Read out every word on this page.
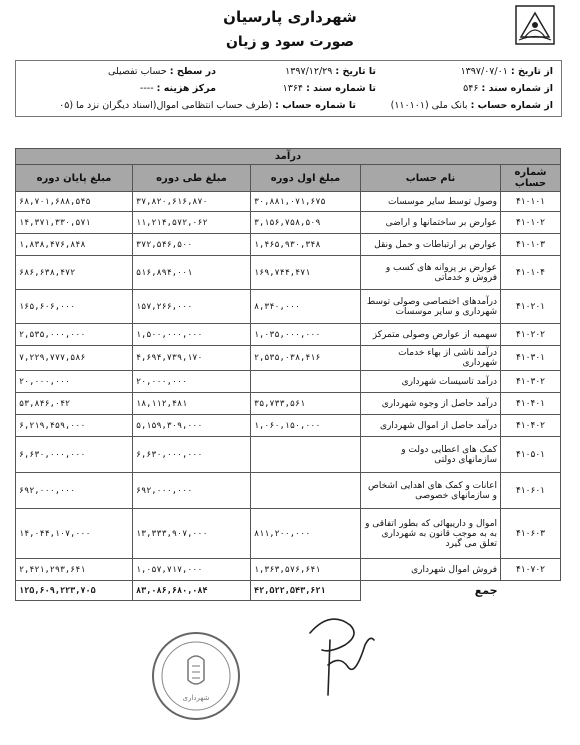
شهرداری پارسیان
صورت سود و زیان
از تاریخ : ۱۳۹۷/۰۷/۰۱
تا تاریخ : ۱۳۹۷/۱۲/۲۹
در سطح : حساب تفصیلی
از شماره سند : ۵۴۶
تا شماره سند : ۱۳۶۴
مرکز هزینه : ----
از شماره حساب : بانک ملی (۱۱۰۱۰۱)
تا شماره حساب : (طرف حساب انتظامی اموال(اسناد دیگران نزد ما (۰۵
درآمد				
شماره حساب	نام حساب	مبلغ اول دوره	مبلغ طی دوره	مبلغ پایان دوره
۴۱۰۱۰۱	وصول توسط سایر موسسات	۳۰,۸۸۱,۰۷۱,۶۷۵	۳۷,۸۲۰,۶۱۶,۸۷۰	۶۸,۷۰۱,۶۸۸,۵۴۵
۴۱۰۱۰۲	عوارض بر ساختمانها و اراضی	۳,۱۵۶,۷۵۸,۵۰۹	۱۱,۲۱۴,۵۷۲,۰۶۲	۱۴,۳۷۱,۳۳۰,۵۷۱
۴۱۰۱۰۳	عوارض بر ارتباطات و حمل ونقل	۱,۴۶۵,۹۳۰,۳۴۸	۳۷۲,۵۴۶,۵۰۰	۱,۸۳۸,۴۷۶,۸۴۸
۴۱۰۱۰۴	عوارض بر پروانه های کسب و فروش و خدماتی	۱۶۹,۷۴۴,۴۷۱	۵۱۶,۸۹۴,۰۰۱	۶۸۶,۶۳۸,۴۷۲
۴۱۰۲۰۱	درآمدهای اختصاصی وصولی توسط شهرداری و سایر موسسات	۸,۳۴۰,۰۰۰	۱۵۷,۲۶۶,۰۰۰	۱۶۵,۶۰۶,۰۰۰
۴۱۰۲۰۲	سهمیه از عوارض وصولی متمرکز	۱,۰۳۵,۰۰۰,۰۰۰	۱,۵۰۰,۰۰۰,۰۰۰	۲,۵۳۵,۰۰۰,۰۰۰
۴۱۰۳۰۱	درآمد ناشی از بهاء خدمات شهرداری	۲,۵۳۵,۰۳۸,۴۱۶	۴,۶۹۴,۷۳۹,۱۷۰	۷,۲۲۹,۷۷۷,۵۸۶
۴۱۰۳۰۲	درآمد تاسیسات شهرداری		۲۰,۰۰۰,۰۰۰	۲۰,۰۰۰,۰۰۰
۴۱۰۴۰۱	درآمد حاصل از وجوه شهرداری	۳۵,۷۳۳,۵۶۱	۱۸,۱۱۲,۴۸۱	۵۳,۸۴۶,۰۴۲
۴۱۰۴۰۲	درآمد حاصل از اموال شهرداری	۱,۰۶۰,۱۵۰,۰۰۰	۵,۱۵۹,۳۰۹,۰۰۰	۶,۲۱۹,۴۵۹,۰۰۰
۴۱۰۵۰۱	کمک های اعطایی دولت و سازمانهای دولتی		۶,۶۳۰,۰۰۰,۰۰۰	۶,۶۳۰,۰۰۰,۰۰۰
۴۱۰۶۰۱	اعانات و کمک های اهدایی اشخاص و سازمانهای خصوصی		۶۹۲,۰۰۰,۰۰۰	۶۹۲,۰۰۰,۰۰۰
۴۱۰۶۰۳	اموال و دارییهائی که بطور اتفاقی و به به موجب قانون به شهرداری تعلق می گیرد	۸۱۱,۲۰۰,۰۰۰	۱۳,۳۳۳,۹۰۷,۰۰۰	۱۴,۰۴۴,۱۰۷,۰۰۰
۴۱۰۷۰۲	فروش اموال شهرداری	۱,۳۶۳,۵۷۶,۶۴۱	۱,۰۵۷,۷۱۷,۰۰۰	۲,۴۲۱,۲۹۳,۶۴۱
	جمع	۴۲,۵۲۲,۵۴۳,۶۲۱	۸۳,۰۸۶,۶۸۰,۰۸۴	۱۲۵,۶۰۹,۲۲۳,۷۰۵
ﺷﻬﺮﺩﺍﺭﯼ
